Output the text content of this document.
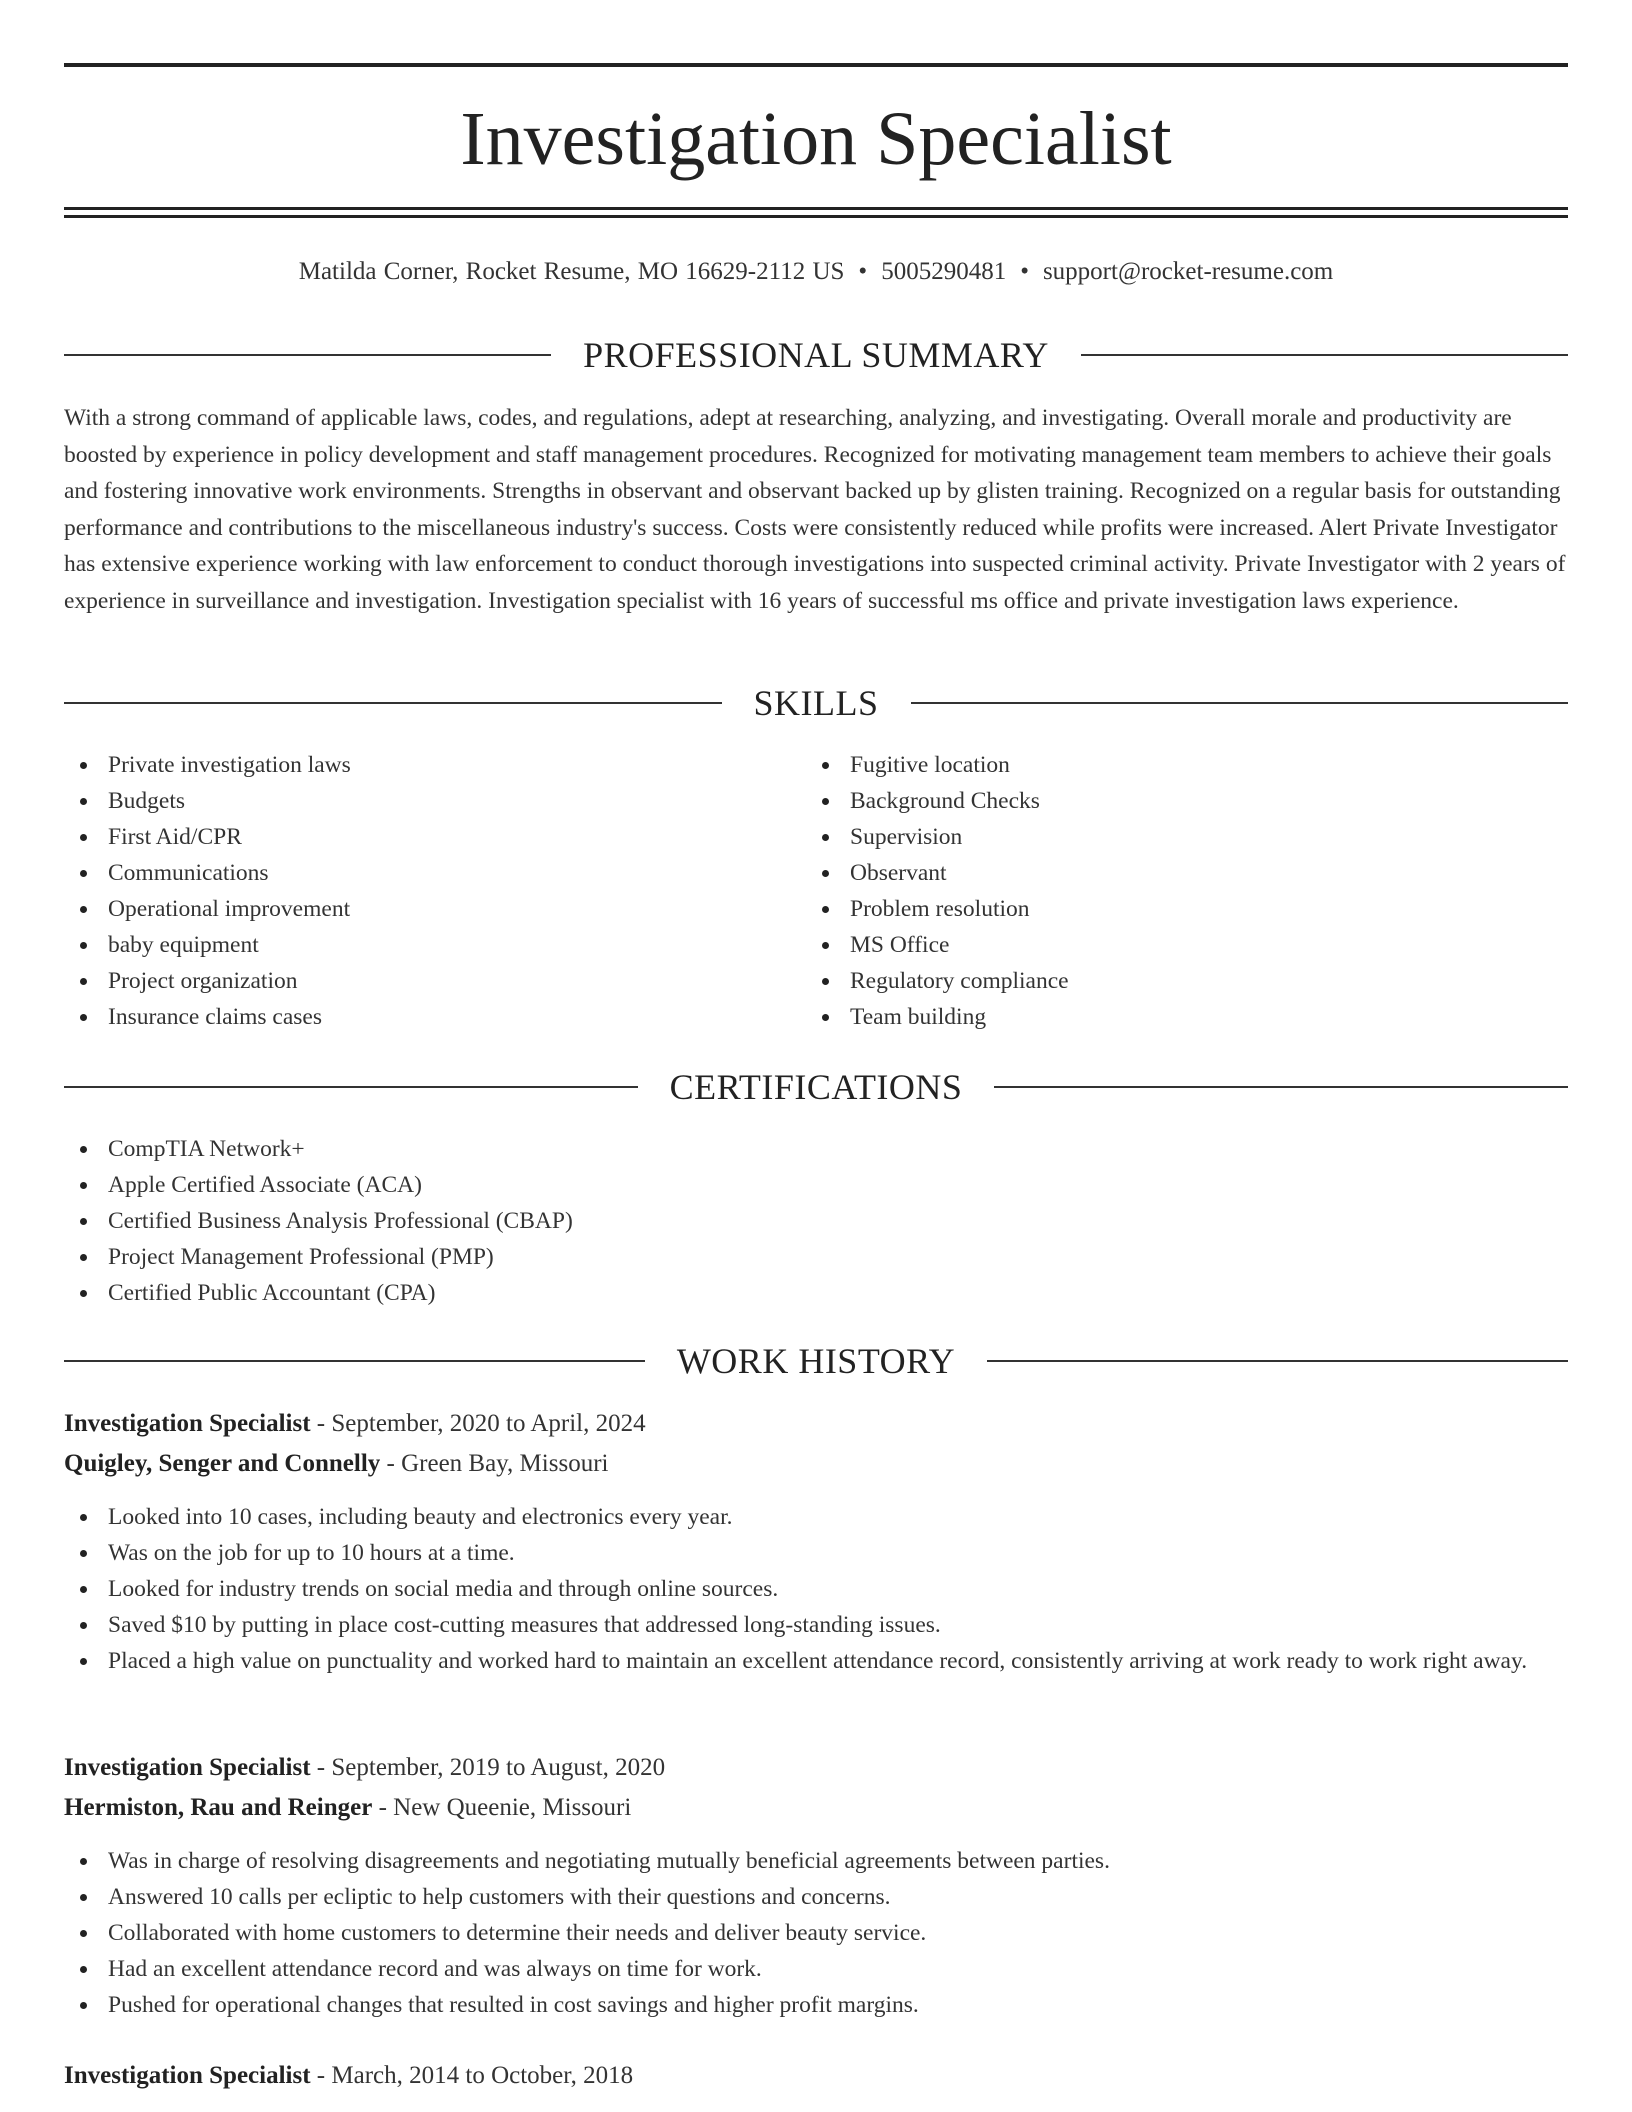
Investigation Specialist
Matilda Corner, Rocket Resume, MO 16629-2112 US • 5005290481 • support@rocket-resume.com
PROFESSIONAL SUMMARY

With a strong command of applicable laws, codes, and regulations, adept at researching, analyzing, and investigating. Overall morale and productivity are boosted by experience in policy development and staff management procedures. Recognized for motivating management team members to achieve their goals and fostering innovative work environments. Strengths in observant and observant backed up by glisten training. Recognized on a regular basis for outstanding performance and contributions to the miscellaneous industry's success. Costs were consistently reduced while profits were increased. Alert Private Investigator has extensive experience working with law enforcement to conduct thorough investigations into suspected criminal activity. Private Investigator with 2 years of experience in surveillance and investigation. Investigation specialist with 16 years of successful ms office and private investigation laws experience.

SKILLS
Private investigation laws
Budgets
First Aid/CPR
Communications
Operational improvement
baby equipment
Project organization
Insurance claims cases
Fugitive location
Background Checks
Supervision
Observant
Problem resolution
MS Office
Regulatory compliance
Team building
CERTIFICATIONS
CompTIA Network+
Apple Certified Associate (ACA)
Certified Business Analysis Professional (CBAP)
Project Management Professional (PMP)
Certified Public Accountant (CPA)
WORK HISTORY
Investigation Specialist - September, 2020 to April, 2024
Quigley, Senger and Connelly - Green Bay, Missouri
Looked into 10 cases, including beauty and electronics every year.
Was on the job for up to 10 hours at a time.
Looked for industry trends on social media and through online sources.
Saved $10 by putting in place cost-cutting measures that addressed long-standing issues.
Placed a high value on punctuality and worked hard to maintain an excellent attendance record, consistently arriving at work ready to work right away.
Investigation Specialist - September, 2019 to August, 2020
Hermiston, Rau and Reinger - New Queenie, Missouri
Was in charge of resolving disagreements and negotiating mutually beneficial agreements between parties.
Answered 10 calls per ecliptic to help customers with their questions and concerns.
Collaborated with home customers to determine their needs and deliver beauty service.
Had an excellent attendance record and was always on time for work.
Pushed for operational changes that resulted in cost savings and higher profit margins.
Investigation Specialist - March, 2014 to October, 2018
